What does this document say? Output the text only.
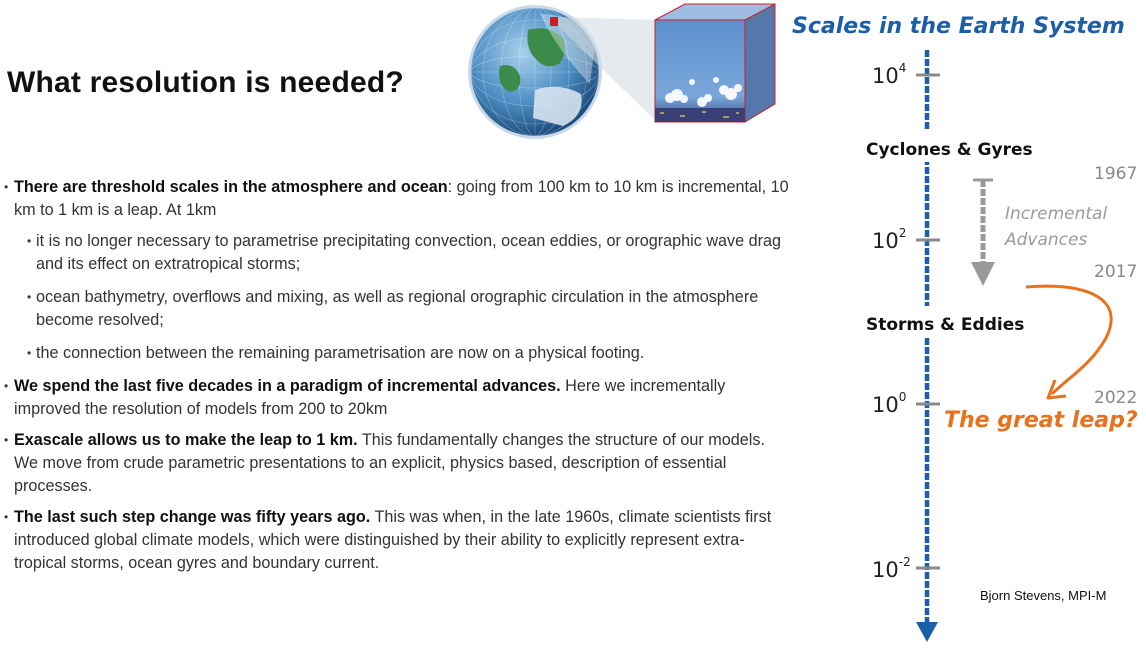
What resolution is needed?
• There are threshold scales in the atmosphere and ocean: going from 100 km to 10 km is incremental, 10 km to 1 km is a leap. At 1km
• it is no longer necessary to parametrise precipitating convection, ocean eddies, or orographic wave drag and its effect on extratropical storms;
• ocean bathymetry, overflows and mixing, as well as regional orographic circulation in the atmosphere become resolved;
• the connection between the remaining parametrisation are now on a physical footing.
• We spend the last five decades in a paradigm of incremental advances. Here we incrementally improved the resolution of models from 200 to 20km
• Exascale allows us to make the leap to 1 km. This fundamentally changes the structure of our models. We move from crude parametric presentations to an explicit, physics based, description of essential processes.
• The last such step change was fifty years ago. This was when, in the late 1960s, climate scientists first introduced global climate models, which were distinguished by their ability to explicitly represent extra-tropical storms, ocean gyres and boundary current.
Scales in the Earth System
$10^4$
$10^2$
$10^0$
$10^{-2}$
Cyclones & Gyres
Storms & Eddies
1967
2017
2022
Incremental
Advances
The great leap?
Bjorn Stevens, MPI-M
